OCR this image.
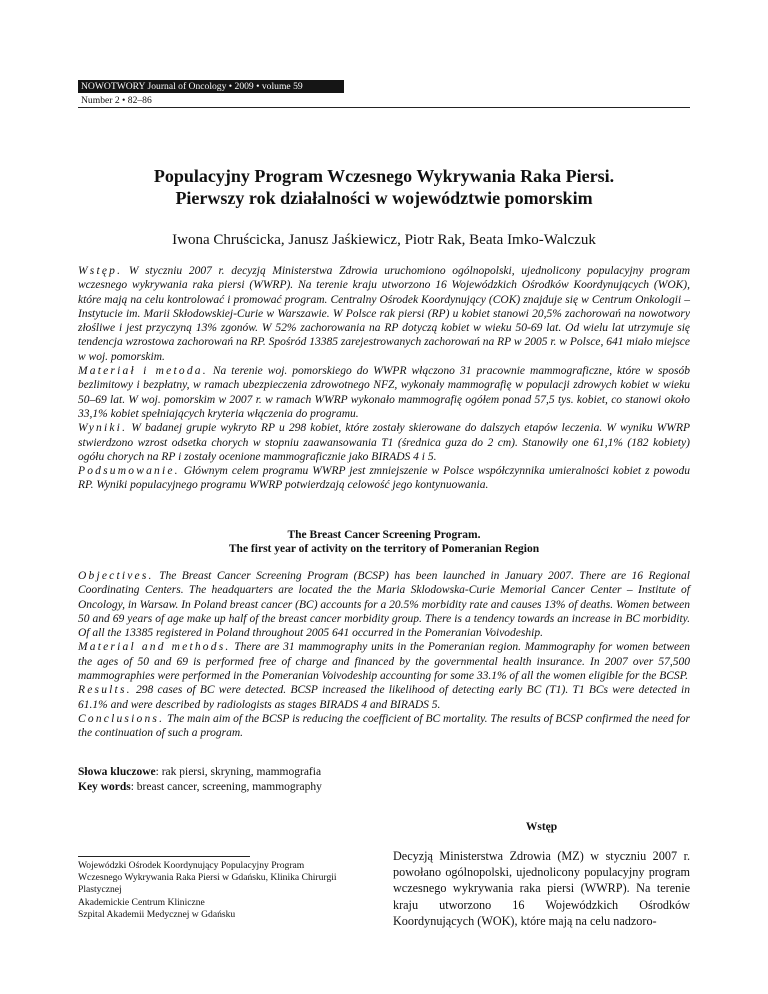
NOWOTWORY Journal of Oncology • 2009 • volume 59
Number 2 • 82–86
Populacyjny Program Wczesnego Wykrywania Raka Piersi.
Pierwszy rok działalności w województwie pomorskim
Iwona Chruścicka, Janusz Jaśkiewicz, Piotr Rak, Beata Imko-Walczuk

Wstęp. W styczniu 2007 r. decyzją Ministerstwa Zdrowia uruchomiono ogólnopolski, ujednolicony populacyjny program wczesnego wykrywania raka piersi (WWRP). Na terenie kraju utworzono 16 Wojewódzkich Ośrodków Koordynujących (WOK), które mają na celu kontrolować i promować program. Centralny Ośrodek Koordynujący (COK) znajduje się w Centrum Onkologii – Instytucie im. Marii Skłodowskiej-Curie w Warszawie. W Polsce rak piersi (RP) u kobiet stanowi 20,5% zachorowań na nowotwory złośliwe i jest przyczyną 13% zgonów. W 52% zachorowania na RP dotyczą kobiet w wieku 50-69 lat. Od wielu lat utrzymuje się tendencja wzrostowa zachorowań na RP. Spośród 13385 zarejestrowanych zachorowań na RP w 2005 r. w Polsce, 641 miało miejsce w woj. pomorskim.

Materiał i metoda. Na terenie woj. pomorskiego do WWPR włączono 31 pracownie mammograficzne, które w sposób bezlimitowy i bezpłatny, w ramach ubezpieczenia zdrowotnego NFZ, wykonały mammografię w populacji zdrowych kobiet w wieku 50–69 lat. W woj. pomorskim w 2007 r. w ramach WWRP wykonało mammografię ogółem ponad 57,5 tys. kobiet, co stanowi około 33,1% kobiet spełniających kryteria włączenia do programu.

Wyniki. W badanej grupie wykryto RP u 298 kobiet, które zostały skierowane do dalszych etapów leczenia. W wyniku WWRP stwierdzono wzrost odsetka chorych w stopniu zaawansowania T1 (średnica guza do 2 cm). Stanowiły one 61,1% (182 kobiety) ogółu chorych na RP i zostały ocenione mammograficznie jako BIRADS 4 i 5.

Podsumowanie. Głównym celem programu WWRP jest zmniejszenie w Polsce współczynnika umieralności kobiet z powodu RP. Wyniki populacyjnego programu WWRP potwierdzają celowość jego kontynuowania.

The Breast Cancer Screening Program.
The first year of activity on the territory of Pomeranian Region

Objectives. The Breast Cancer Screening Program (BCSP) has been launched in January 2007. There are 16 Regional Coordinating Centers. The headquarters are located the the Maria Sklodowska-Curie Memorial Cancer Center – Institute of Oncology, in Warsaw. In Poland breast cancer (BC) accounts for a 20.5% morbidity rate and causes 13% of deaths. Women between 50 and 69 years of age make up half of the breast cancer morbidity group. There is a tendency towards an increase in BC morbidity. Of all the 13385 registered in Poland throughout 2005 641 occurred in the Pomeranian Voivodeship.

Material and methods. There are 31 mammography units in the Pomeranian region. Mammography for women between the ages of 50 and 69 is performed free of charge and financed by the governmental health insurance. In 2007 over 57,500 mammographies were performed in the Pomeranian Voivodeship accounting for some 33.1% of all the women eligible for the BCSP.

Results. 298 cases of BC were detected. BCSP increased the likelihood of detecting early BC (T1). T1 BCs were detected in 61.1% and were described by radiologists as stages BIRADS 4 and BIRADS 5.

Conclusions. The main aim of the BCSP is reducing the coefficient of BC mortality. The results of BCSP confirmed the need for the continuation of such a program.

Słowa kluczowe: rak piersi, skryning, mammografia

Key words: breast cancer, screening, mammography

Wstęp

Wojewódzki Ośrodek Koordynujący Populacyjny Program

Wczesnego Wykrywania Raka Piersi w Gdańsku, Klinika Chirurgii Plastycznej

Akademickie Centrum Kliniczne

Szpital Akademii Medycznej w Gdańsku

Decyzją Ministerstwa Zdrowia (MZ) w styczniu 2007 r. powołano ogólnopolski, ujednolicony populacyjny program wczesnego wykrywania raka piersi (WWRP). Na terenie kraju utworzono 16 Wojewódzkich Ośrodków Koordynujących (WOK), które mają na celu nadzoro-
